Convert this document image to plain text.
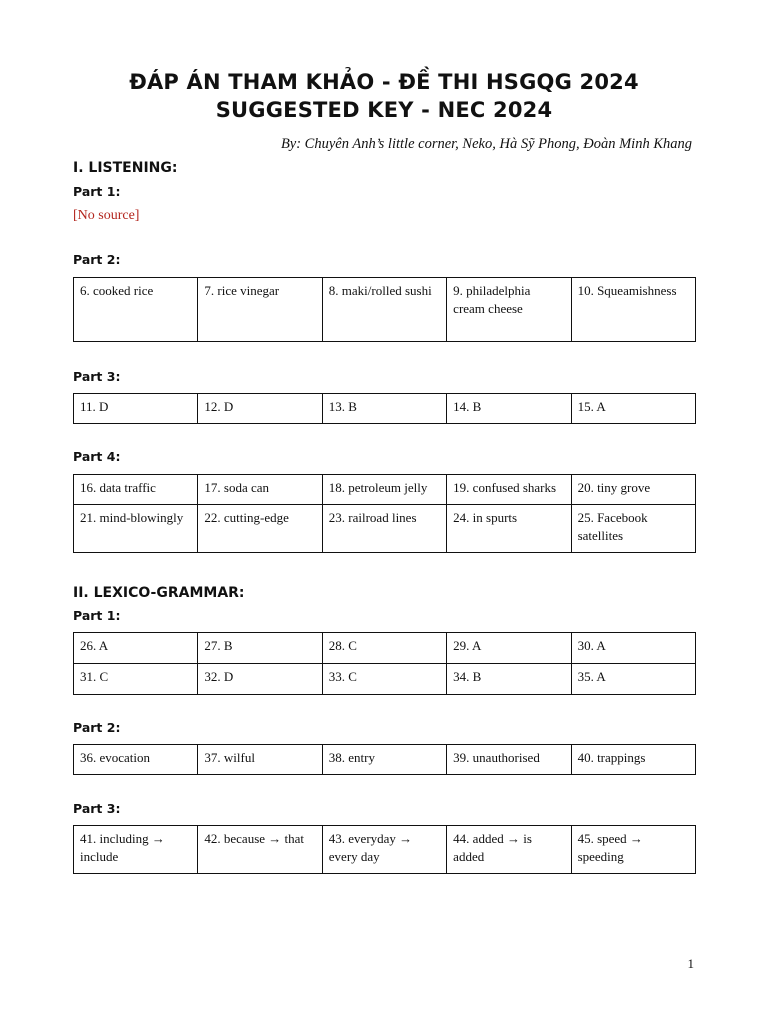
ĐÁP ÁN THAM KHẢO - ĐỀ THI HSGQG 2024
SUGGESTED KEY - NEC 2024
By: Chuyên Anh’s little corner, Neko, Hà Sỹ Phong, Đoàn Minh Khang
I. LISTENING:
Part 1:
[No source]
Part 2:
6. cooked rice	7. rice vinegar	8. maki/rolled sushi	9. philadelphia cream cheese	10. Squeamishness
Part 3:
11. D	12. D	13. B	14. B	15. A
Part 4:
16. data traffic	17. soda can	18. petroleum jelly	19. confused sharks	20. tiny grove
21. mind-blowingly	22. cutting-edge	23. railroad lines	24. in spurts	25. Facebook satellites
II. LEXICO-GRAMMAR:
Part 1:
26. A	27. B	28. C	29. A	30. A
31. C	32. D	33. C	34. B	35. A
Part 2:
36. evocation	37. wilful	38. entry	39. unauthorised	40. trappings
Part 3:
41. including → include	42. because → that	43. everyday → every day	44. added → is added	45. speed → speeding
1
